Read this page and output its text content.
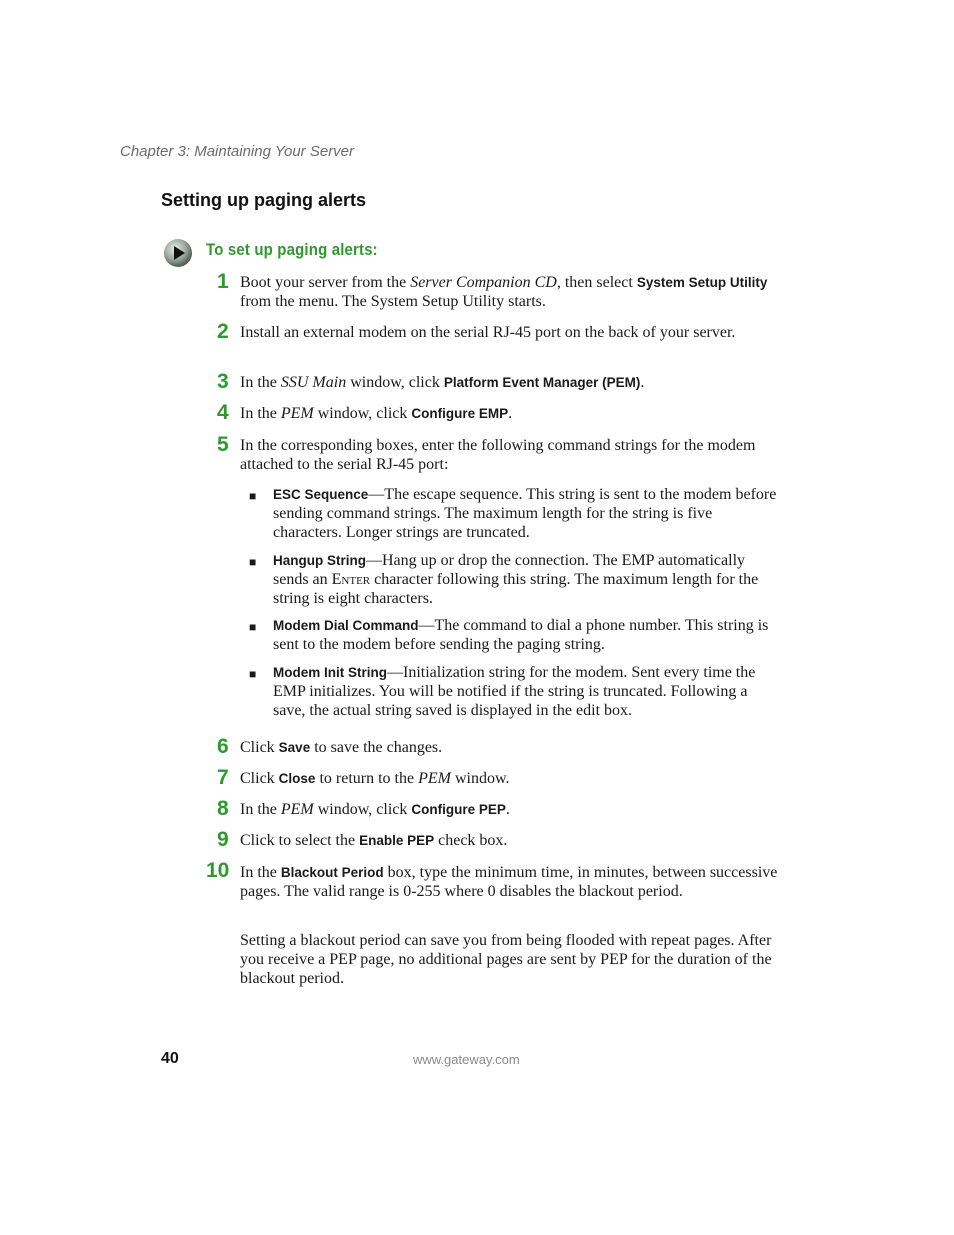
Chapter 3: Maintaining Your Server
Setting up paging alerts
To set up paging alerts:
1 Boot your server from the Server Companion CD, then select System Setup Utility from the menu. The System Setup Utility starts.
2 Install an external modem on the serial RJ-45 port on the back of your server.
3 In the SSU Main window, click Platform Event Manager (PEM).
4 In the PEM window, click Configure EMP.
5 In the corresponding boxes, enter the following command strings for the modem attached to the serial RJ-45 port:
■ ESC Sequence—The escape sequence. This string is sent to the modem before sending command strings. The maximum length for the string is five characters. Longer strings are truncated.
■ Hangup String—Hang up or drop the connection. The EMP automatically sends an Enter character following this string. The maximum length for the string is eight characters.
■ Modem Dial Command—The command to dial a phone number. This string is sent to the modem before sending the paging string.
■ Modem Init String—Initialization string for the modem. Sent every time the EMP initializes. You will be notified if the string is truncated. Following a save, the actual string saved is displayed in the edit box.
6 Click Save to save the changes.
7 Click Close to return to the PEM window.
8 In the PEM window, click Configure PEP.
9 Click to select the Enable PEP check box.
10 In the Blackout Period box, type the minimum time, in minutes, between successive pages. The valid range is 0-255 where 0 disables the blackout period.
Setting a blackout period can save you from being flooded with repeat pages. After you receive a PEP page, no additional pages are sent by PEP for the duration of the blackout period.
40	www.gateway.com
